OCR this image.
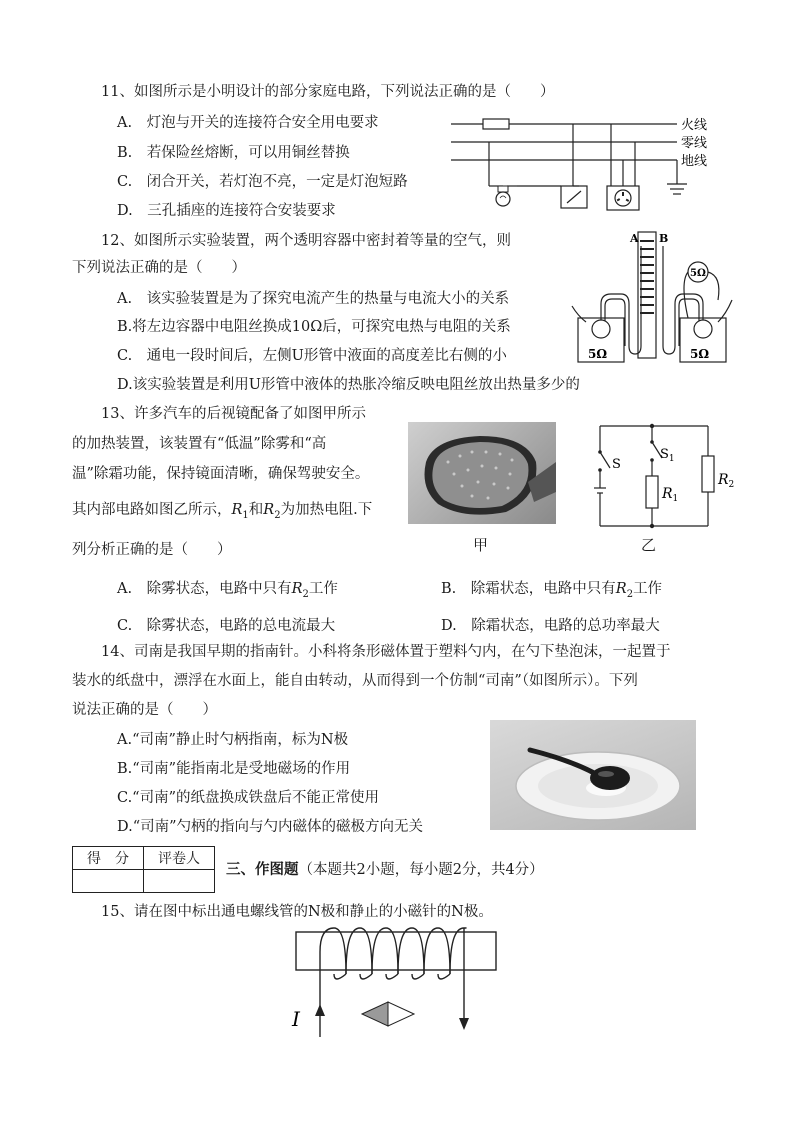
11、如图所示是小明设计的部分家庭电路，下列说法正确的是（　　）
A.　灯泡与开关的连接符合安全用电要求
B.　若保险丝熔断，可以用铜丝替换
C.　闭合开关，若灯泡不亮，一定是灯泡短路
D.　三孔插座的连接符合安装要求
火线
零线
地线
12、如图所示实验装置，两个透明容器中密封着等量的空气，则
下列说法正确的是（　　）
A.　该实验装置是为了探究电流产生的热量与电流大小的关系
B.将左边容器中电阻丝换成10Ω后，可探究电热与电阻的关系
C.　通电一段时间后，左侧U形管中液面的高度差比右侧的小
D.该实验装置是利用U形管中液体的热胀冷缩反映电阻丝放出热量多少的
A B
5Ω
5Ω	5Ω
13、许多汽车的后视镜配备了如图甲所示
的加热装置，该装置有“低温”除雾和“高
温”除霜功能，保持镜面清晰，确保驾驶安全。
其内部电路如图乙所示，$R_1$和$R_2$为加热电阻.下
列分析正确的是（　　）	甲
S
$S_1$
$R_1$
$R_2$
乙
A.　除雾状态，电路中只有$R_2$工作	B.　除霜状态，电路中只有$R_2$工作
C.　除雾状态，电路的总电流最大	D.　除霜状态，电路的总功率最大
14、司南是我国早期的指南针。小科将条形磁体置于塑料勺内，在勺下垫泡沫，一起置于
装水的纸盘中，漂浮在水面上，能自由转动，从而得到一个仿制“司南”（如图所示）。下列
说法正确的是（　　）
A.“司南”静止时勺柄指南，标为N极
B.“司南”能指南北是受地磁场的作用
C.“司南”的纸盘换成铁盘后不能正常使用
D.“司南”勺柄的指向与勺内磁体的磁极方向无关
得　分	评卷人

三、作图题（本题共2小题，每小题2分，共4分）
15、请在图中标出通电螺线管的N极和静止的小磁针的N极。
I
